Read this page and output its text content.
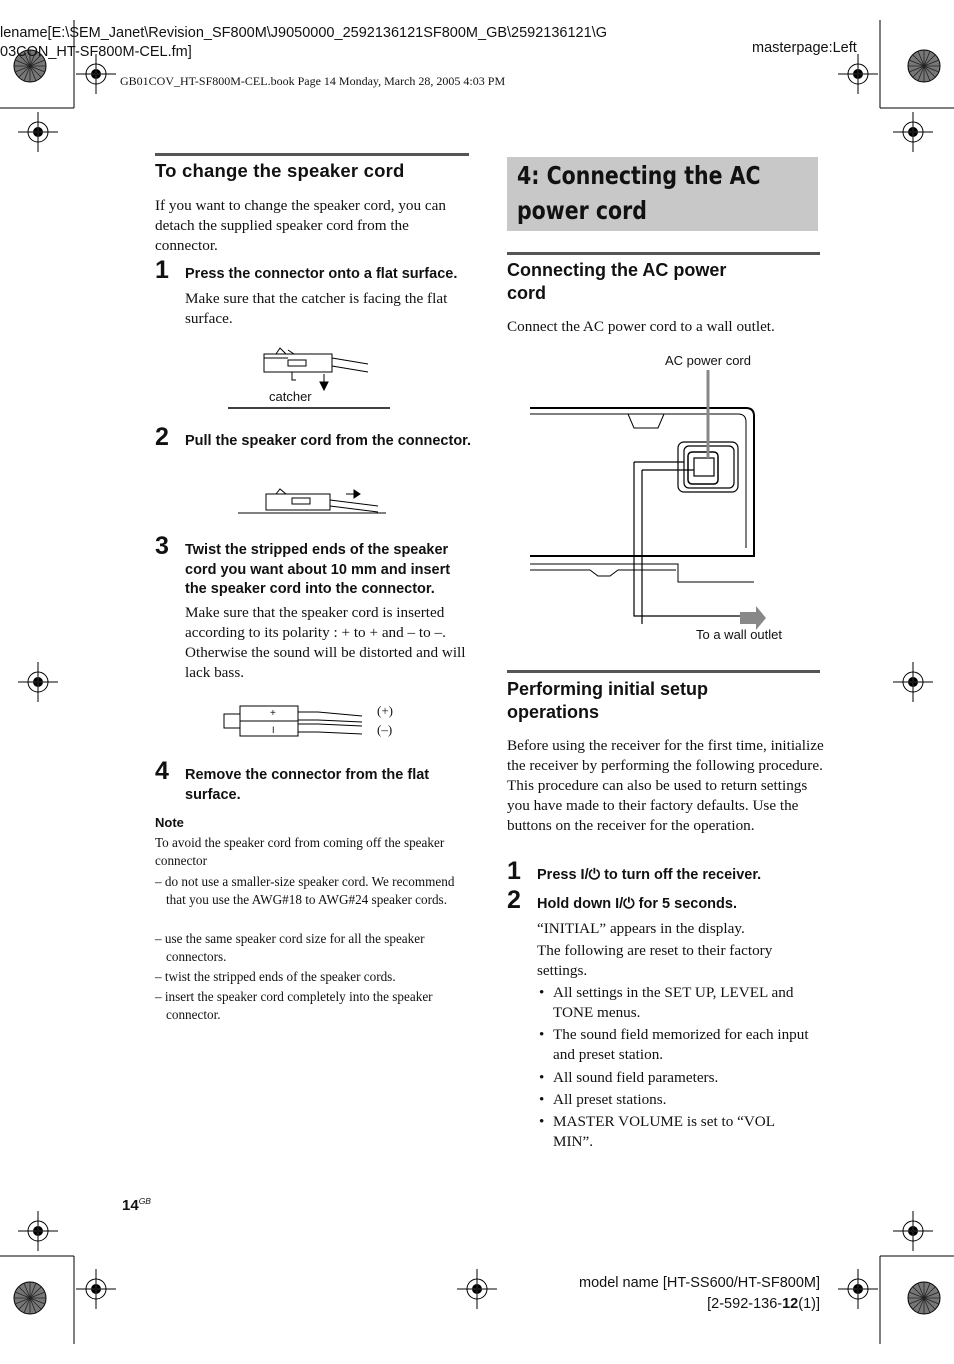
lename[E:\SEM_Janet\Revision_SF800M\J9050000_2592136121SF800M_GB\2592136121\G
03CON_HT-SF800M-CEL.fm]	masterpage:Left
GB01COV_HT-SF800M-CEL.book Page 14 Monday, March 28, 2005 4:03 PM
To change the speaker cord
If you want to change the speaker cord, you can detach the supplied speaker cord from the connector.
1 Press the connector onto a flat surface.
Make sure that the catcher is facing the flat surface.
catcher
2 Pull the speaker cord from the connector.
3 Twist the stripped ends of the speaker cord you want about 10 mm and insert the speaker cord into the connector.
Make sure that the speaker cord is inserted according to its polarity : + to + and – to –. Otherwise the sound will be distorted and will lack bass.
+
I
(+)
(–)
4 Remove the connector from the flat surface.
Note
To avoid the speaker cord from coming off the speaker connector
– do not use a smaller-size speaker cord. We recommend that you use the AWG#18 to AWG#24 speaker cords.
– use the same speaker cord size for all the speaker connectors.
– twist the stripped ends of the speaker cords.
– insert the speaker cord completely into the speaker connector.
4: Connecting the AC
power cord
Connecting the AC power
cord
Connect the AC power cord to a wall outlet.
AC power cord
To a wall outlet
Performing initial setup
operations
Before using the receiver for the first time, initialize the receiver by performing the following procedure.
This procedure can also be used to return settings you have made to their factory defaults. Use the buttons on the receiver for the operation.
1 Press I/⏻ to turn off the receiver.
2 Hold down I/⏻ for 5 seconds.
“INITIAL” appears in the display.
The following are reset to their factory settings.
• All settings in the SET UP, LEVEL and TONE menus.
• The sound field memorized for each input and preset station.
• All sound field parameters.
• All preset stations.
• MASTER VOLUME is set to “VOL MIN”.
$14^{GB}$
model name [HT-SS600/HT-SF800M]
[2-592-136-12(1)]
